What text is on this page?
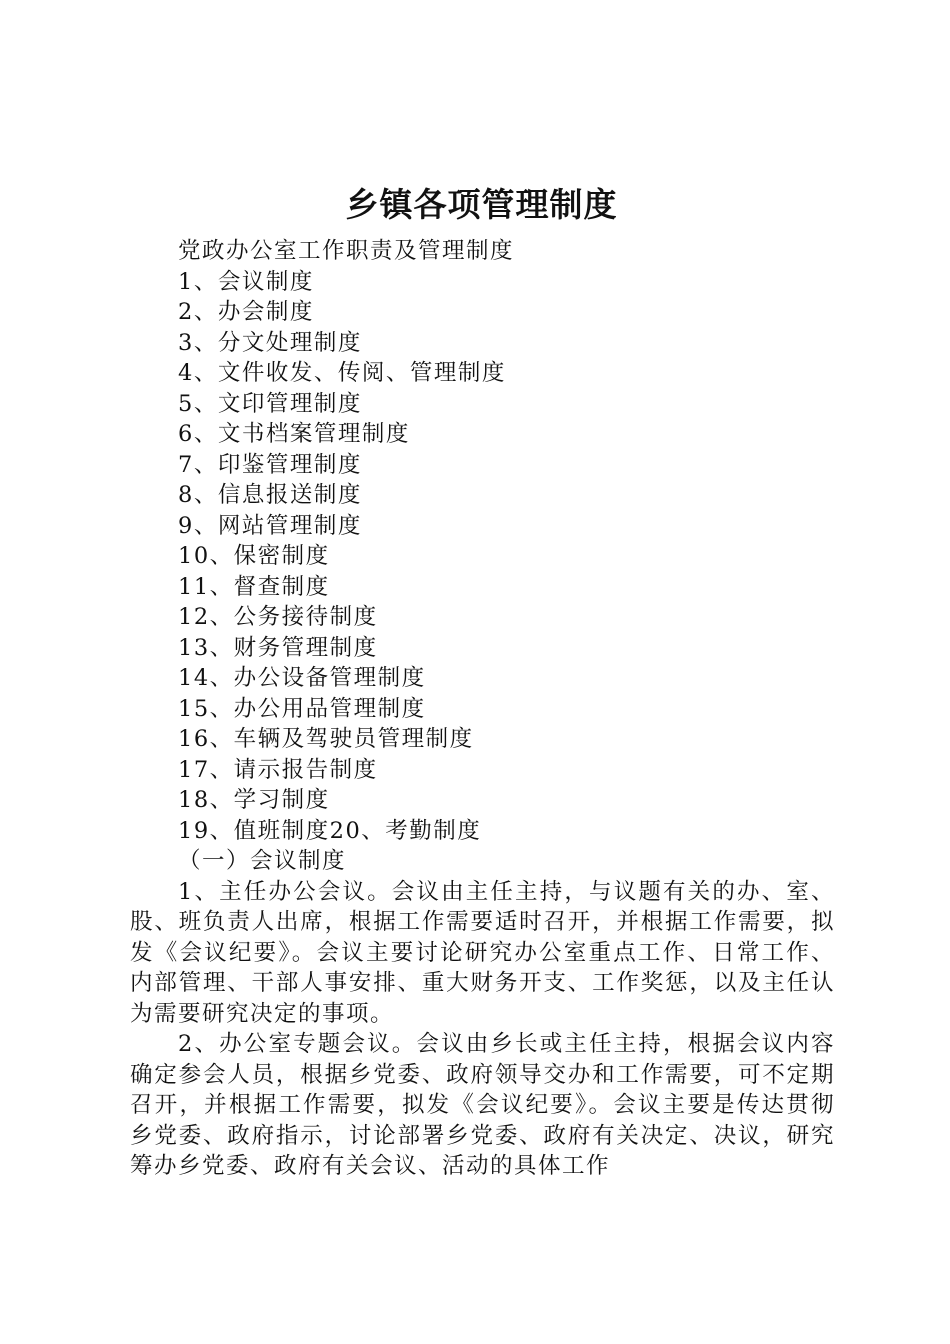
乡镇各项管理制度

党政办公室工作职责及管理制度

1、会议制度

2、办会制度

3、分文处理制度

4、文件收发、传阅、管理制度

5、文印管理制度

6、文书档案管理制度

7、印鉴管理制度

8、信息报送制度

9、网站管理制度

10、保密制度

11、督查制度

12、公务接待制度

13、财务管理制度

14、办公设备管理制度

15、办公用品管理制度

16、车辆及驾驶员管理制度

17、请示报告制度

18、学习制度

19、值班制度20、考勤制度

（一）会议制度

1、主任办公会议。会议由主任主持，与议题有关的办、室、股、班负责人出席，根据工作需要适时召开，并根据工作需要，拟发《会议纪要》。会议主要讨论研究办公室重点工作、日常工作、内部管理、干部人事安排、重大财务开支、工作奖惩，以及主任认为需要研究决定的事项。

2、办公室专题会议。会议由乡长或主任主持，根据会议内容确定参会人员，根据乡党委、政府领导交办和工作需要，可不定期召开，并根据工作需要，拟发《会议纪要》。会议主要是传达贯彻乡党委、政府指示，讨论部署乡党委、政府有关决定、决议，研究筹办乡党委、政府有关会议、活动的具体工作
